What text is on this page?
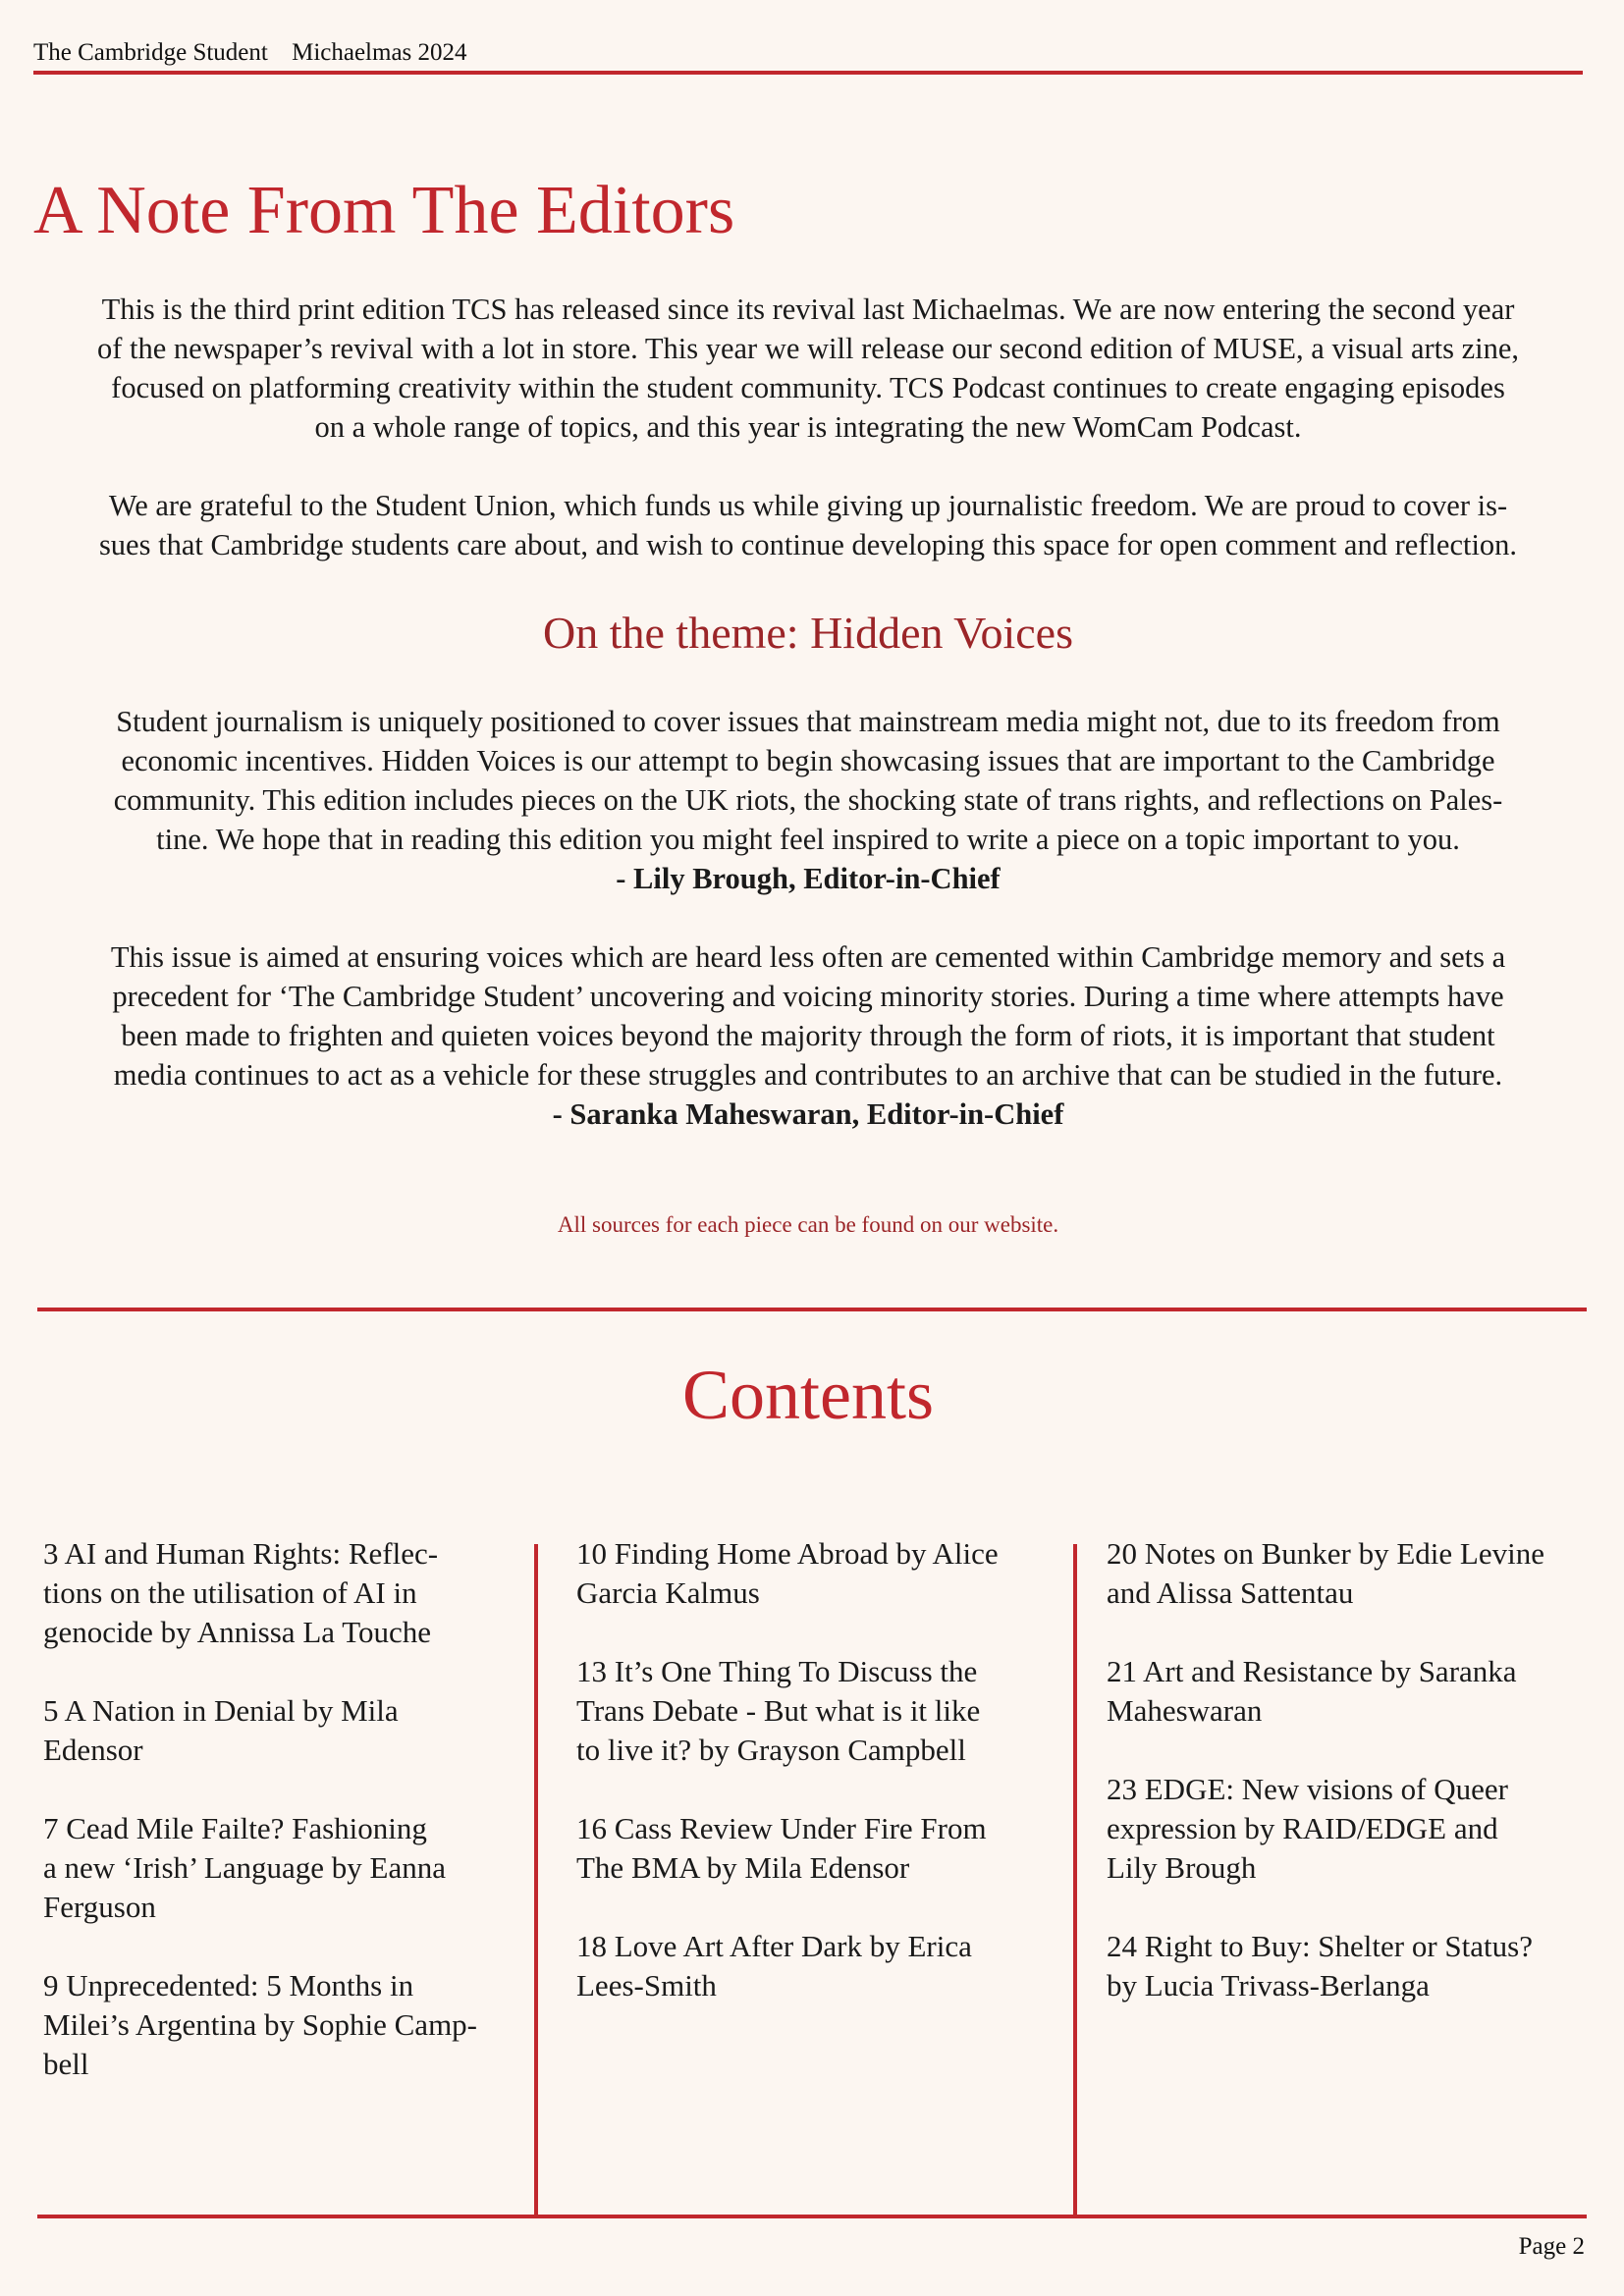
The Cambridge Student Michaelmas 2024
A Note From The Editors

This is the third print edition TCS has released since its revival last Michaelmas. We are now entering the second year
of the newspaper’s revival with a lot in store. This year we will release our second edition of MUSE, a visual arts zine,
focused on platforming creativity within the student community. TCS Podcast continues to create engaging episodes
on a whole range of topics, and this year is integrating the new WomCam Podcast.

We are grateful to the Student Union, which funds us while giving up journalistic freedom. We are proud to cover is-
sues that Cambridge students care about, and wish to continue developing this space for open comment and reflection.

On the theme: Hidden Voices

Student journalism is uniquely positioned to cover issues that mainstream media might not, due to its freedom from
economic incentives. Hidden Voices is our attempt to begin showcasing issues that are important to the Cambridge
community. This edition includes pieces on the UK riots, the shocking state of trans rights, and reflections on Pales-
tine. We hope that in reading this edition you might feel inspired to write a piece on a topic important to you.
- Lily Brough, Editor-in-Chief

This issue is aimed at ensuring voices which are heard less often are cemented within Cambridge memory and sets a
precedent for ‘The Cambridge Student’ uncovering and voicing minority stories. During a time where attempts have
been made to frighten and quieten voices beyond the majority through the form of riots, it is important that student
media continues to act as a vehicle for these struggles and contributes to an archive that can be studied in the future.
- Saranka Maheswaran, Editor-in-Chief

All sources for each piece can be found on our website.
Contents

3 AI and Human Rights: Reflec-
tions on the utilisation of AI in
genocide by Annissa La Touche

5 A Nation in Denial by Mila
Edensor

7 Cead Mile Failte? Fashioning
a new ‘Irish’ Language by Eanna
Ferguson

9 Unprecedented: 5 Months in
Milei’s Argentina by Sophie Camp-
bell

10 Finding Home Abroad by Alice
Garcia Kalmus

13 It’s One Thing To Discuss the
Trans Debate - But what is it like
to live it? by Grayson Campbell

16 Cass Review Under Fire From
The BMA by Mila Edensor

18 Love Art After Dark by Erica
Lees-Smith

20 Notes on Bunker by Edie Levine
and Alissa Sattentau

21 Art and Resistance by Saranka
Maheswaran

23 EDGE: New visions of Queer
expression by RAID/EDGE and
Lily Brough

24 Right to Buy: Shelter or Status?
by Lucia Trivass-Berlanga

Page 2
